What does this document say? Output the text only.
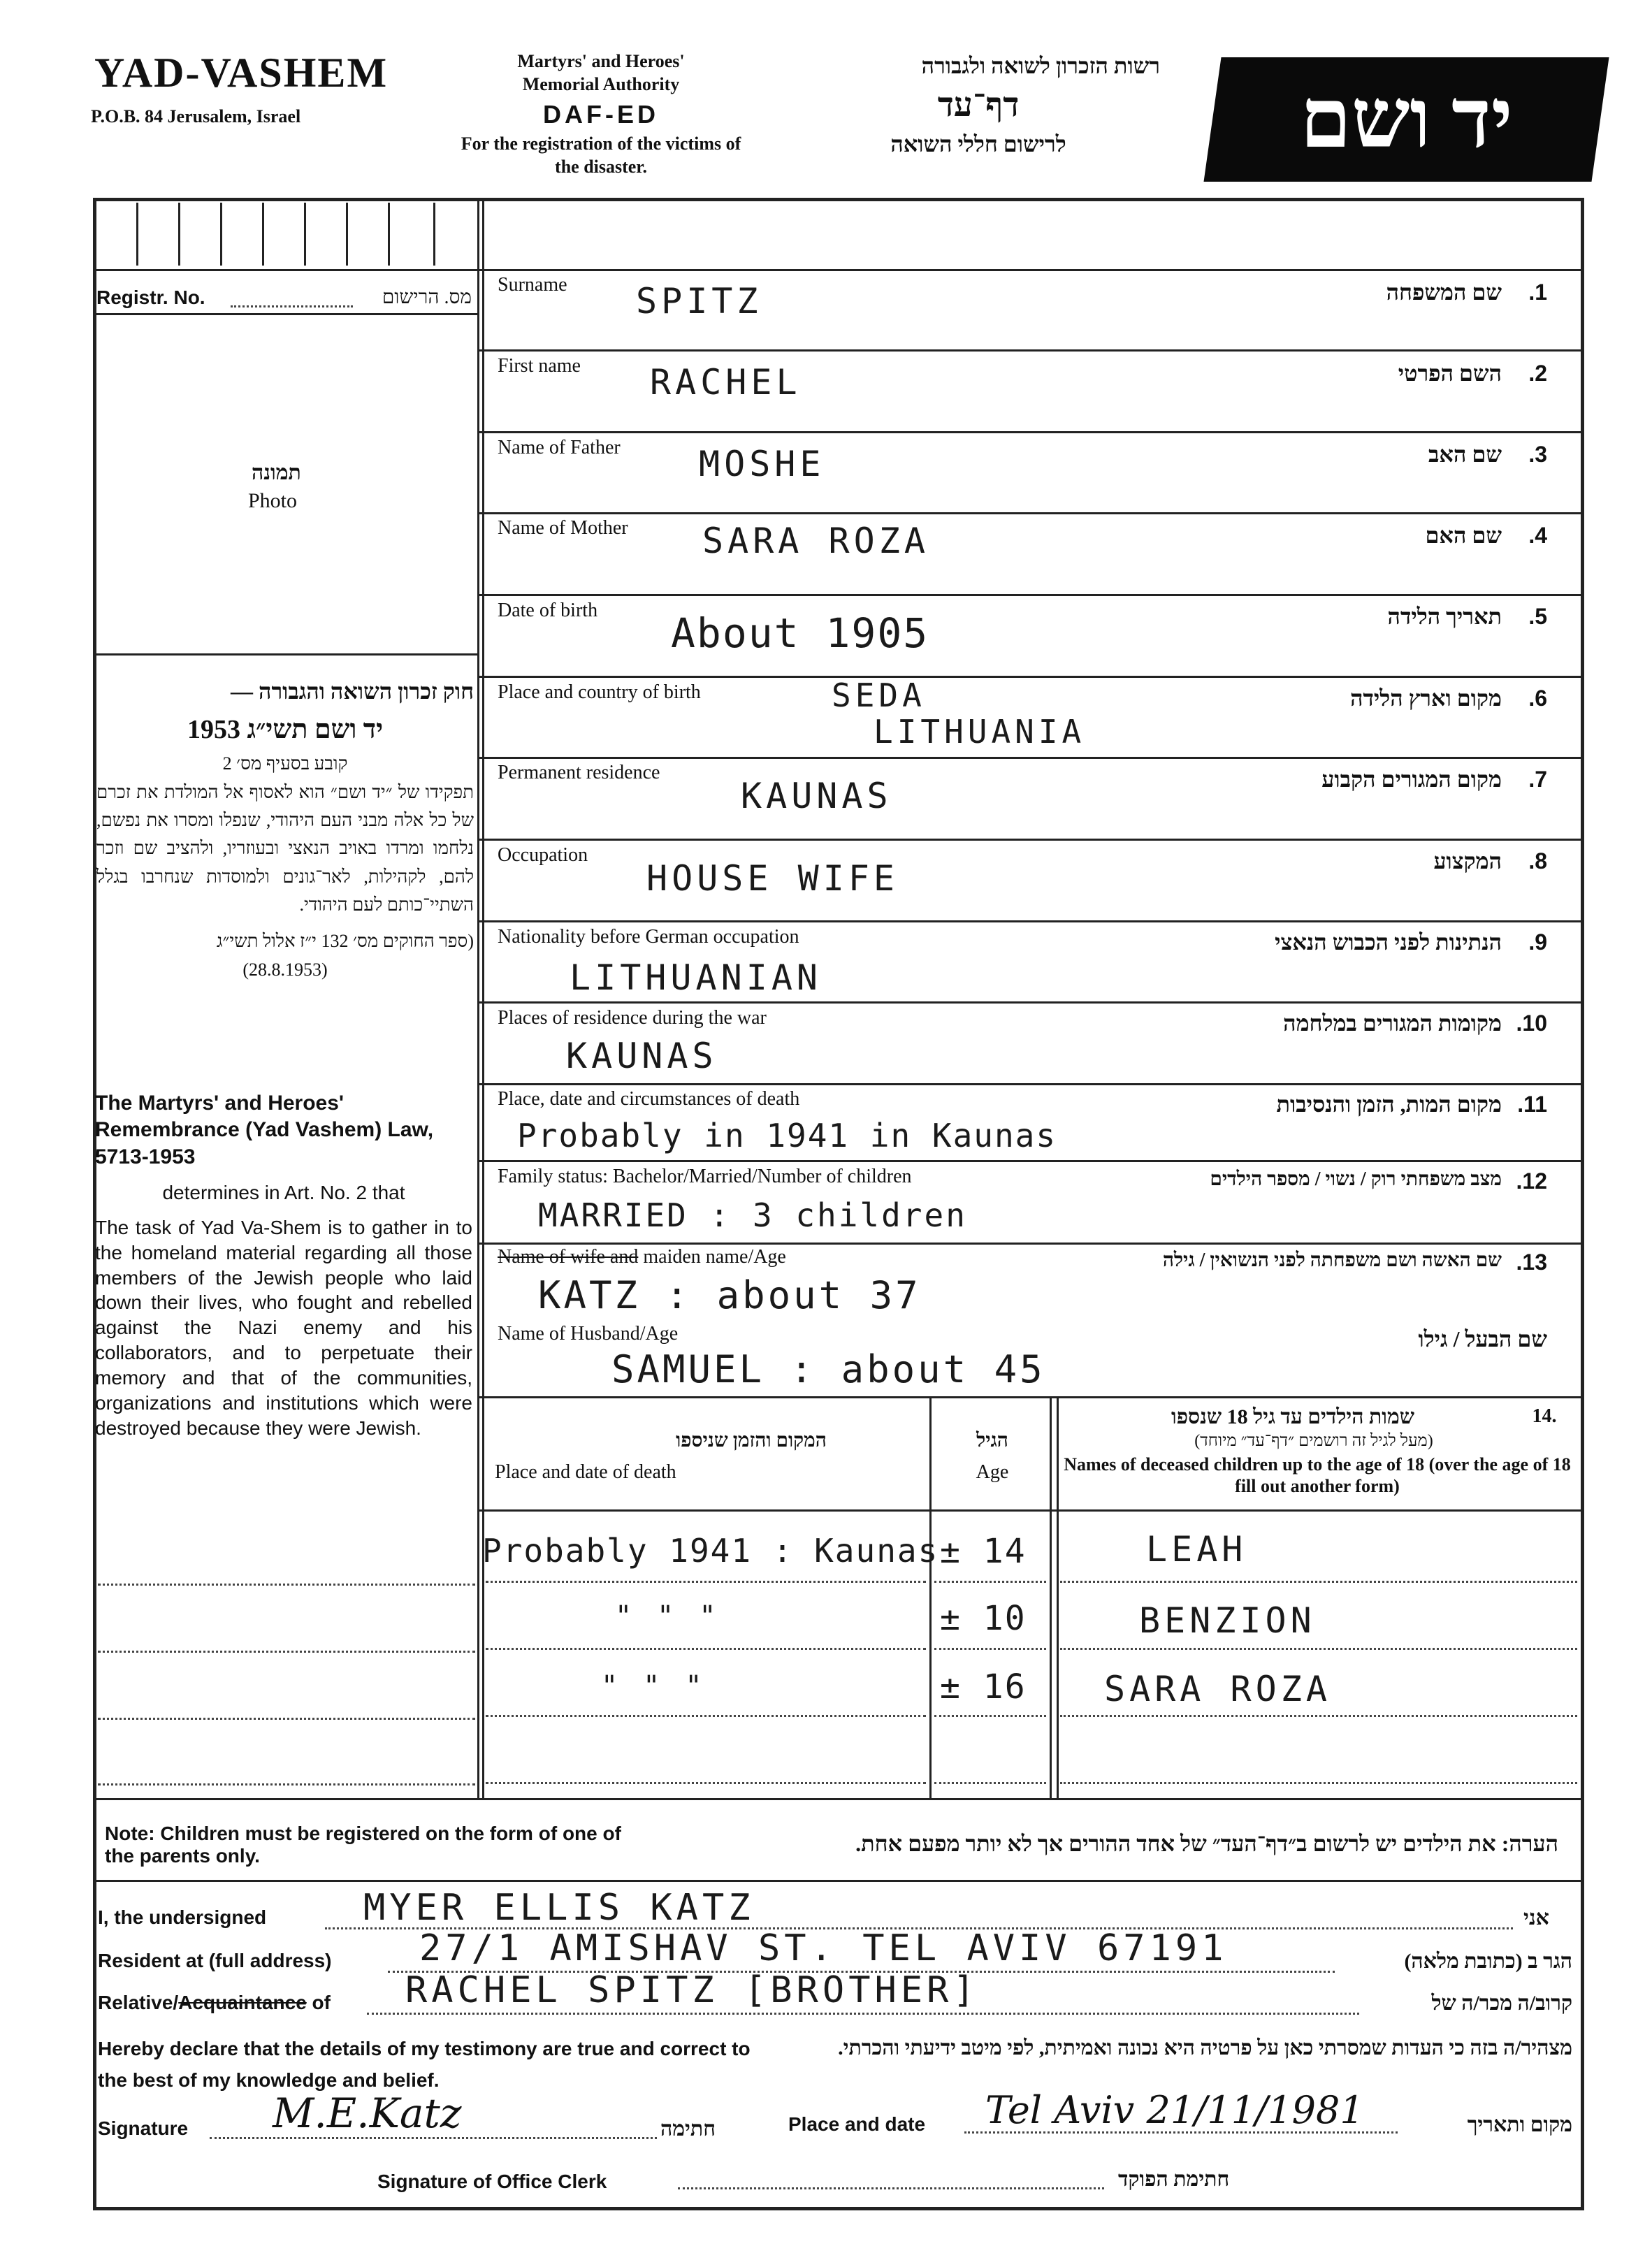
YAD-VASHEM
P.O.B. 84 Jerusalem, Israel
Martyrs' and Heroes' Memorial Authority
DAF-ED
For the registration of the victims of the disaster.
רשות הזכרון לשואה ולגבורה
דף־עד
לרישום חללי השואה	יד ושם
Registr. No.	מס. הרישום
תמונה
Photo
חוק זכרון השואה והגבורה —
יד ושם תשי״ג 1953
קובע בסעיף מס׳ 2
תפקידו של ״יד ושם״ הוא לאסוף אל המולדת את זכרם של כל אלה מבני העם היהודי, שנפלו ומסרו את נפשם, נלחמו ומרדו באויב הנאצי ובעוזריו, ולהציב שם וזכר להם, לקהילות, לאר־גונים ולמוסדות שנחרבו בגלל השתיי־כותם לעם היהודי.
(ספר החוקים מס׳ 132 י״ז אלול תשי״ג
(28.8.1953)
The Martyrs' and Heroes' Remembrance (Yad Vashem) Law, 5713-1953
determines in Art. No. 2 that
The task of Yad Va-Shem is to gather in to the homeland material regarding all those members of the Jewish people who laid down their lives, who fought and rebelled against the Nazi enemy and his collaborators, and to perpetuate their memory and that of the communities, organizations and institutions which were destroyed because they were Jewish.
Surname	שם המשפחה 1.
SPITZ
First name	השם הפרטי 2.
RACHEL
Name of Father	שם האב 3.
MOSHE
Name of Mother	שם האם 4.
SARA ROZA
Date of birth	תאריך הלידה 5.
About 1905
Place and country of birth	מקום וארץ הלידה 6.
SEDA
LITHUANIA
Permanent residence	מקום המגורים הקבוע 7.
KAUNAS
Occupation	המקצוע 8.
HOUSE WIFE
Nationality before German occupation	הנתינות לפני הכבוש הנאצי 9.
LITHUANIAN
Places of residence during the war	מקומות המגורים במלחמה 10.
KAUNAS
Place, date and circumstances of death	מקום המות, הזמן והנסיבות 11.
Probably in 1941 in Kaunas
Family status: Bachelor/Married/Number of children	מצב משפחתי רוק / נשוי / מספר הילדים 12.
MARRIED : 3 children
Name of wife and maiden name/Age	שם האשה ושם משפחתה לפני הנשואין / גילה 13.
KATZ : about 37
Name of Husband/Age	שם הבעל / גילו
SAMUEL : about 45
המקום והזמן שניספו
Place and date of death
הגיל
Age
שמות הילדים עד גיל 18 שנספו	14.
(מעל לגיל זה רושמים ״דף־עד״ מיוחד)
Names of deceased children up to the age of 18 (over the age of 18 fill out another form)
Probably 1941 : Kaunas ± 14	LEAH
" " "	± 10	BENZION
" " "	± 16 SARA ROZA
Note: Children must be registered on the form of one of the parents only.	הערה: את הילדים יש לרשום ב״דף־העד״ של אחד ההורים אך לא יותר מפעם אחת.
I, the undersigned	MYER ELLIS KATZ	אני
Resident at (full address) 27/1 AMISHAV ST. TEL AVIV 67191	הגר ב (כתובת מלאה)
Relative/Acquaintance of RACHEL SPITZ [BROTHER]	קרוב/ה מכר/ה של
Hereby declare that the details of my testimony are true and correct to the best of my knowledge and belief.
מצהיר/ה בזה כי העדות שמסרתי כאן על פרטיה היא נכונה ואמיתית, לפי מיטב ידיעתי והכרתי.
Signature M.E.Katz	חתימה	Place and date Tel Aviv 21/11/1981	מקום ותאריך
Signature of Office Clerk	חתימת הפוקד
